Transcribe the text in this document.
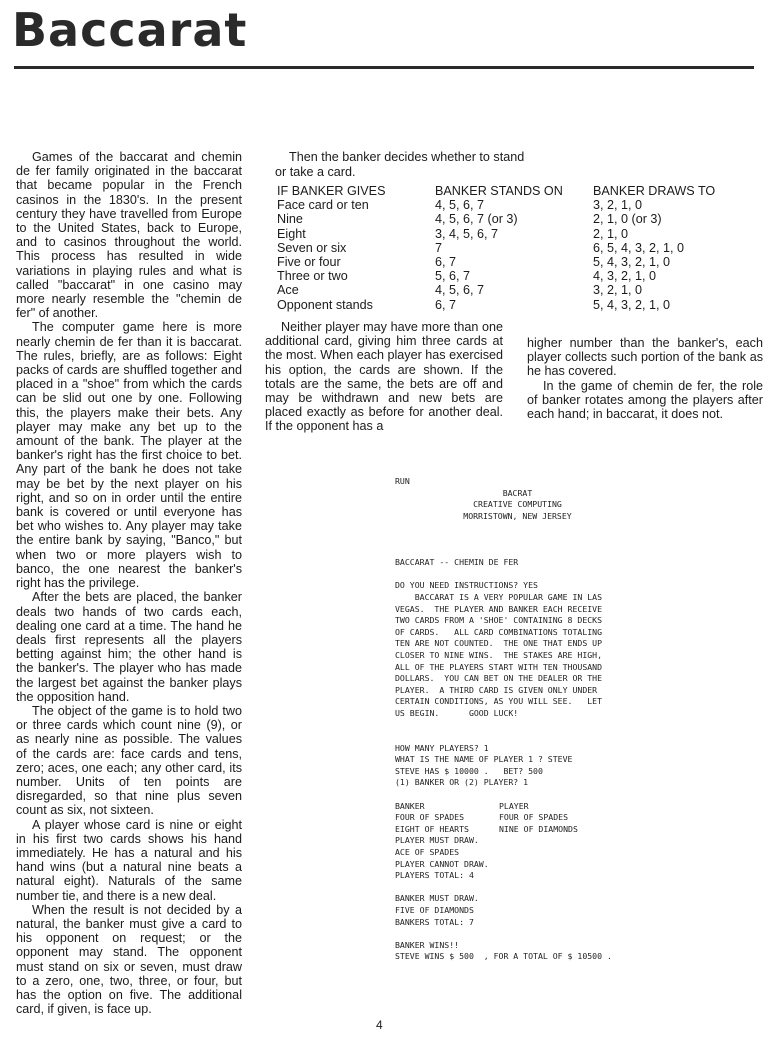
Baccarat

Games of the baccarat and chemin de fer family originated in the baccarat that became popular in the French casinos in the 1830's. In the present century they have travelled from Europe to the United States, back to Europe, and to casinos throughout the world. This process has resulted in wide variations in playing rules and what is called "baccarat" in one casino may more nearly resemble the "chemin de fer" of another.

The computer game here is more nearly chemin de fer than it is baccarat. The rules, briefly, are as follows: Eight packs of cards are shuffled together and placed in a "shoe" from which the cards can be slid out one by one. Following this, the players make their bets. Any player may make any bet up to the amount of the bank. The player at the banker's right has the first choice to bet. Any part of the bank he does not take may be bet by the next player on his right, and so on in order until the entire bank is covered or until everyone has bet who wishes to. Any player may take the entire bank by saying, "Banco," but when two or more players wish to banco, the one nearest the banker's right has the privilege.

After the bets are placed, the banker deals two hands of two cards each, dealing one card at a time. The hand he deals first represents all the players betting against him; the other hand is the banker's. The player who has made the largest bet against the banker plays the opposition hand.

The object of the game is to hold two or three cards which count nine (9), or as nearly nine as possible. The values of the cards are: face cards and tens, zero; aces, one each; any other card, its number. Units of ten points are disregarded, so that nine plus seven count as six, not sixteen.

A player whose card is nine or eight in his first two cards shows his hand immediately. He has a natural and his hand wins (but a natural nine beats a natural eight). Naturals of the same number tie, and there is a new deal.

When the result is not decided by a natural, the banker must give a card to his opponent on request; or the opponent may stand. The opponent must stand on six or seven, must draw to a zero, one, two, three, or four, but has the option on five. The additional card, if given, is face up.

Then the banker decides whether to stand or take a card.
IF BANKER GIVES	BANKER STANDS ON	BANKER DRAWS TO
Face card or ten	4, 5, 6, 7	3, 2, 1, 0
Nine	4, 5, 6, 7 (or 3)	2, 1, 0 (or 3)
Eight	3, 4, 5, 6, 7	2, 1, 0
Seven or six	7	6, 5, 4, 3, 2, 1, 0
Five or four	6, 7	5, 4, 3, 2, 1, 0
Three or two	5, 6, 7	4, 3, 2, 1, 0
Ace	4, 5, 6, 7	3, 2, 1, 0
Opponent stands	6, 7	5, 4, 3, 2, 1, 0

Neither player may have more than one additional card, giving him three cards at the most. When each player has exercised his option, the cards are shown. If the totals are the same, the bets are off and may be withdrawn and new bets are placed exactly as before for another deal. If the opponent has a

higher number than the banker's, each player collects such portion of the bank as he has covered.

In the game of chemin de fer, the role of banker rotates among the players after each hand; in baccarat, it does not.

RUN
BACRAT
CREATIVE COMPUTING
MORRISTOWN, NEW JERSEY
BACCARAT -- CHEMIN DE FER
DO YOU NEED INSTRUCTIONS? YES
BACCARAT IS A VERY POPULAR GAME IN LAS
VEGAS.  THE PLAYER AND BANKER EACH RECEIVE
TWO CARDS FROM A 'SHOE' CONTAINING 8 DECKS
OF CARDS.   ALL CARD COMBINATIONS TOTALING
TEN ARE NOT COUNTED.  THE ONE THAT ENDS UP
CLOSER TO NINE WINS.  THE STAKES ARE HIGH,
ALL OF THE PLAYERS START WITH TEN THOUSAND
DOLLARS.  YOU CAN BET ON THE DEALER OR THE
PLAYER.  A THIRD CARD IS GIVEN ONLY UNDER
CERTAIN CONDITIONS, AS YOU WILL SEE.   LET
US BEGIN.      GOOD LUCK!
HOW MANY PLAYERS? 1
WHAT IS THE NAME OF PLAYER 1 ? STEVE
STEVE HAS $ 10000 .   BET? 500
(1) BANKER OR (2) PLAYER? 1
BANKER	PLAYER
FOUR OF SPADES	FOUR OF SPADES
EIGHT OF HEARTS	NINE OF DIAMONDS
PLAYER MUST DRAW.
ACE OF SPADES
PLAYER CANNOT DRAW.
PLAYERS TOTAL: 4
BANKER MUST DRAW.
FIVE OF DIAMONDS
BANKERS TOTAL: 7
BANKER WINS!!
STEVE WINS $ 500  , FOR A TOTAL OF $ 10500 .
4
